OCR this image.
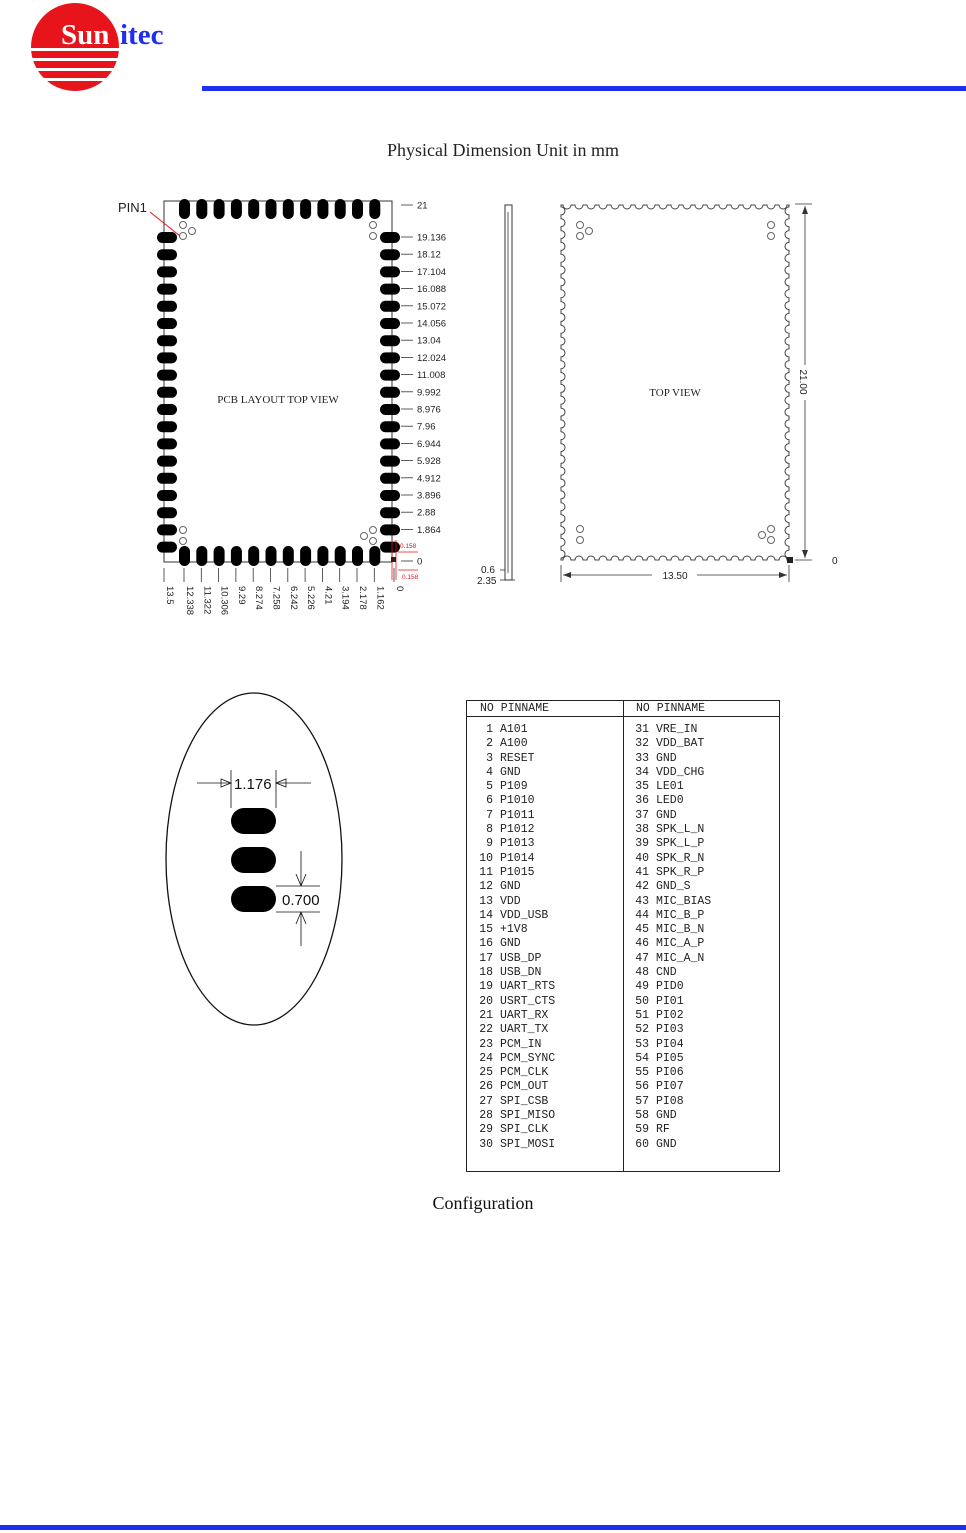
Sun itec
Physical Dimension Unit in mm
PIN1
PCB LAYOUT TOP VIEW
21
19.136
18.12
17.104
16.088
15.072
14.056
13.04
12.024
11.008
9.992
8.976
7.96
6.944
5.928
4.912
3.896
2.88
1.864
0
13.5 12.338 11.322 10.306 9.29 8.274 7.258 6.242 5.226 4.21 3.194 2.178 1.162 0
0.158
0.158
0.6
2.35
TOP VIEW	21.00
0
13.50
1.176
0.700
NO PINNAME
1 A101
2 A100
3 RESET
4 GND
5 P109
6 P1010
7 P1011
8 P1012
9 P1013
10 P1014
11 P1015
12 GND
13 VDD
14 VDD_USB
15 +1V8
16 GND
17 USB_DP
18 USB_DN
19 UART_RTS
20 USRT_CTS
21 UART_RX
22 UART_TX
23 PCM_IN
24 PCM_SYNC
25 PCM_CLK
26 PCM_OUT
27 SPI_CSB
28 SPI_MISO
29 SPI_CLK
30 SPI_MOSI
NO PINNAME
31 VRE_IN
32 VDD_BAT
33 GND
34 VDD_CHG
35 LE01
36 LED0
37 GND
38 SPK_L_N
39 SPK_L_P
40 SPK_R_N
41 SPK_R_P
42 GND_S
43 MIC_BIAS
44 MIC_B_P
45 MIC_B_N
46 MIC_A_P
47 MIC_A_N
48 CND
49 PID0
50 PI01
51 PI02
52 PI03
53 PI04
54 PI05
55 PI06
56 PI07
57 PI08
58 GND
59 RF
60 GND
Configuration
